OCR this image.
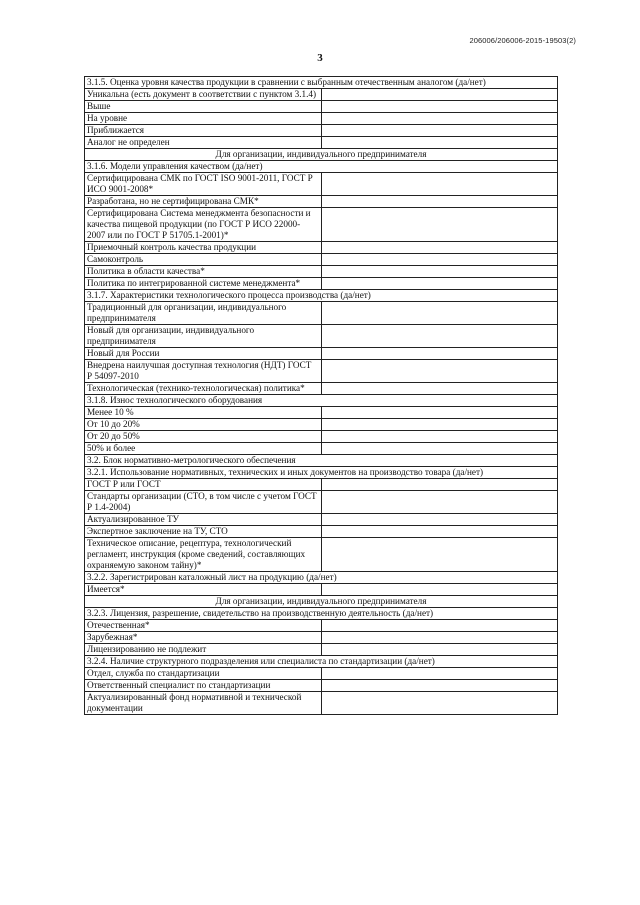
206006/206006-2015-19503(2)
3
3.1.5. Оценка уровня качества продукции в сравнении с выбранным отечественным аналогом (да/нет)	
Уникальна (есть документ в соответствии с пунктом 3.1.4)	
Выше	
На уровне	
Приближается	
Аналог не определен	
Для организации, индивидуального предпринимателя	
3.1.6. Модели управления качеством (да/нет)	
Сертифицирована СМК по ГОСТ ISO 9001-2011, ГОСТ Р ИСО 9001-2008*	
Разработана, но не сертифицирована СМК*	
Сертифицирована Система менеджмента безопасности и качества пищевой продукции (по ГОСТ Р ИСО 22000-2007 или по ГОСТ Р 51705.1-2001)*	
Приемочный контроль качества продукции	
Самоконтроль	
Политика в области качества*	
Политика по интегрированной системе менеджмента*	
3.1.7. Характеристики технологического процесса производства (да/нет)	
Традиционный для организации, индивидуального предпринимателя	
Новый для организации, индивидуального предпринимателя	
Новый для России	
Внедрена наилучшая доступная технология (НДТ) ГОСТ Р 54097-2010	
Технологическая (технико-технологическая) политика*	
3.1.8. Износ технологического оборудования	
Менее 10 %	
От 10 до 20%	
От 20 до 50%	
50% и более	
3.2. Блок нормативно-метрологического обеспечения	
3.2.1. Использование нормативных, технических и иных документов на производство товара (да/нет)	
ГОСТ Р или ГОСТ	
Стандарты организации (СТО, в том числе с учетом ГОСТ Р 1.4-2004)	
Актуализированное ТУ	
Экспертное заключение на ТУ, СТО	
Техническое описание, рецептура, технологический регламент, инструкция (кроме сведений, составляющих охраняемую законом тайну)*	
3.2.2. Зарегистрирован каталожный лист на продукцию (да/нет)	
Имеется*	
Для организации, индивидуального предпринимателя	
3.2.3. Лицензия, разрешение, свидетельство на производственную деятельность (да/нет)	
Отечественная*	
Зарубежная*	
Лицензированию не подлежит	
3.2.4. Наличие структурного подразделения или специалиста по стандартизации (да/нет)	
Отдел, служба по стандартизации	
Ответственный специалист по стандартизации	
Актуализированный фонд нормативной и технической документации	
